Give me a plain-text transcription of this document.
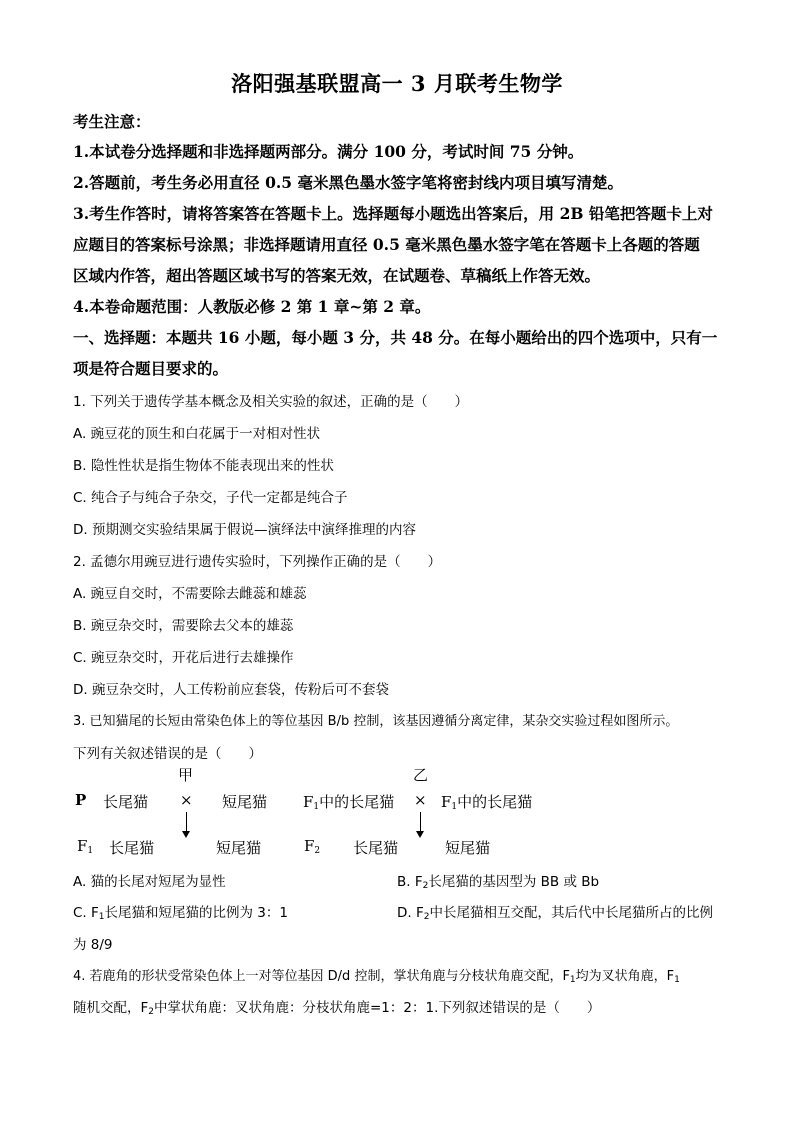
洛阳强基联盟高一 3 月联考生物学
考生注意：
1.本试卷分选择题和非选择题两部分。满分 100 分，考试时间 75 分钟。
2.答题前，考生务必用直径 0.5 毫米黑色墨水签字笔将密封线内项目填写清楚。
3.考生作答时，请将答案答在答题卡上。选择题每小题选出答案后，用 2B 铅笔把答题卡上对
应题目的答案标号涂黑；非选择题请用直径 0.5 毫米黑色墨水签字笔在答题卡上各题的答题
区域内作答，超出答题区域书写的答案无效，在试题卷、草稿纸上作答无效。
4.本卷命题范围：人教版必修 2 第 1 章~第 2 章。
一、选择题：本题共 16 小题，每小题 3 分，共 48 分。在每小题给出的四个选项中，只有一
项是符合题目要求的。
1. 下列关于遗传学基本概念及相关实验的叙述，正确的是（　　）
A. 豌豆花的顶生和白花属于一对相对性状
B. 隐性性状是指生物体不能表现出来的性状
C. 纯合子与纯合子杂交，子代一定都是纯合子
D. 预期测交实验结果属于假说—演绎法中演绎推理的内容
2. 孟德尔用豌豆进行遗传实验时，下列操作正确的是（　　）
A. 豌豆自交时，不需要除去雌蕊和雄蕊
B. 豌豆杂交时，需要除去父本的雄蕊
C. 豌豆杂交时，开花后进行去雄操作
D. 豌豆杂交时，人工传粉前应套袋，传粉后可不套袋
3. 已知猫尾的长短由常染色体上的等位基因 B/b 控制，该基因遵循分离定律，某杂交实验过程如图所示。
下列有关叙述错误的是（　　）
甲	乙
P 长尾猫 × 短尾猫 $F_1$中的长尾猫 × $F_1$中的长尾猫
$F_1$ 长尾猫	短尾猫	$F_2$ 长尾猫	短尾猫
A. 猫的长尾对短尾为显性	B. $F_2$长尾猫的基因型为 BB 或 Bb
C. $F_1$长尾猫和短尾猫的比例为 3：1	D. $F_2$中长尾猫相互交配，其后代中长尾猫所占的比例
为 8/9
4. 若鹿角的形状受常染色体上一对等位基因 D/d 控制，掌状角鹿与分枝状角鹿交配，$F_1$均为叉状角鹿，$F_1$
随机交配，$F_2$中掌状角鹿：叉状角鹿：分枝状角鹿=1：2：1.下列叙述错误的是（　　）
